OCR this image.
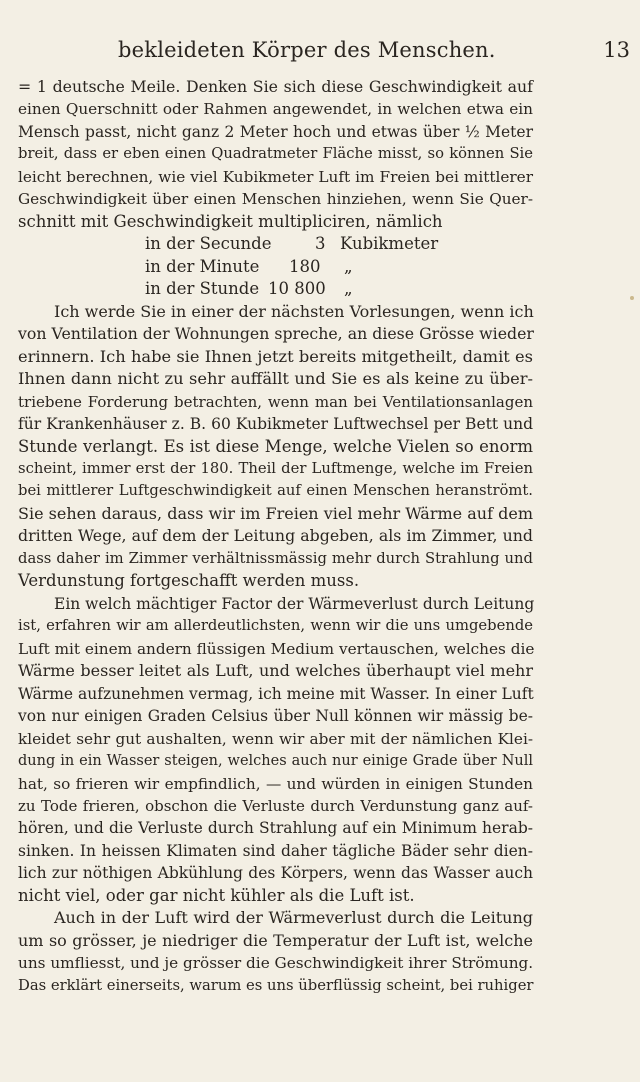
bekleideten Körper des Menschen.	13
= 1 deutsche Meile. Denken Sie sich diese Geschwindigkeit auf
einen Querschnitt oder Rahmen angewendet, in welchen etwa ein
Mensch passt, nicht ganz 2 Meter hoch und etwas über ½ Meter
breit, dass er eben einen Quadratmeter Fläche misst, so können Sie
leicht berechnen, wie viel Kubikmeter Luft im Freien bei mittlerer
Geschwindigkeit über einen Menschen hinziehen, wenn Sie Quer-
schnitt mit Geschwindigkeit multipliciren, nämlich
in der Secunde	3 Kubikmeter
in der Minute 180 „
in der Stunde 10 800 „
Ich werde Sie in einer der nächsten Vorlesungen, wenn ich
von Ventilation der Wohnungen spreche, an diese Grösse wieder
erinnern. Ich habe sie Ihnen jetzt bereits mitgetheilt, damit es
Ihnen dann nicht zu sehr auffällt und Sie es als keine zu über-
triebene Forderung betrachten, wenn man bei Ventilationsanlagen
für Krankenhäuser z. B. 60 Kubikmeter Luftwechsel per Bett und
Stunde verlangt. Es ist diese Menge, welche Vielen so enorm
scheint, immer erst der 180. Theil der Luftmenge, welche im Freien
bei mittlerer Luftgeschwindigkeit auf einen Menschen heranströmt.
Sie sehen daraus, dass wir im Freien viel mehr Wärme auf dem
dritten Wege, auf dem der Leitung abgeben, als im Zimmer, und
dass daher im Zimmer verhältnissmässig mehr durch Strahlung und
Verdunstung fortgeschafft werden muss.
Ein welch mächtiger Factor der Wärmeverlust durch Leitung
ist, erfahren wir am allerdeutlichsten, wenn wir die uns umgebende
Luft mit einem andern flüssigen Medium vertauschen, welches die
Wärme besser leitet als Luft, und welches überhaupt viel mehr
Wärme aufzunehmen vermag, ich meine mit Wasser. In einer Luft
von nur einigen Graden Celsius über Null können wir mässig be-
kleidet sehr gut aushalten, wenn wir aber mit der nämlichen Klei-
dung in ein Wasser steigen, welches auch nur einige Grade über Null
hat, so frieren wir empfindlich, — und würden in einigen Stunden
zu Tode frieren, obschon die Verluste durch Verdunstung ganz auf-
hören, und die Verluste durch Strahlung auf ein Minimum herab-
sinken. In heissen Klimaten sind daher tägliche Bäder sehr dien-
lich zur nöthigen Abkühlung des Körpers, wenn das Wasser auch
nicht viel, oder gar nicht kühler als die Luft ist.
Auch in der Luft wird der Wärmeverlust durch die Leitung
um so grösser, je niedriger die Temperatur der Luft ist, welche
uns umfliesst, und je grösser die Geschwindigkeit ihrer Strömung.
Das erklärt einerseits, warum es uns überflüssig scheint, bei ruhiger
